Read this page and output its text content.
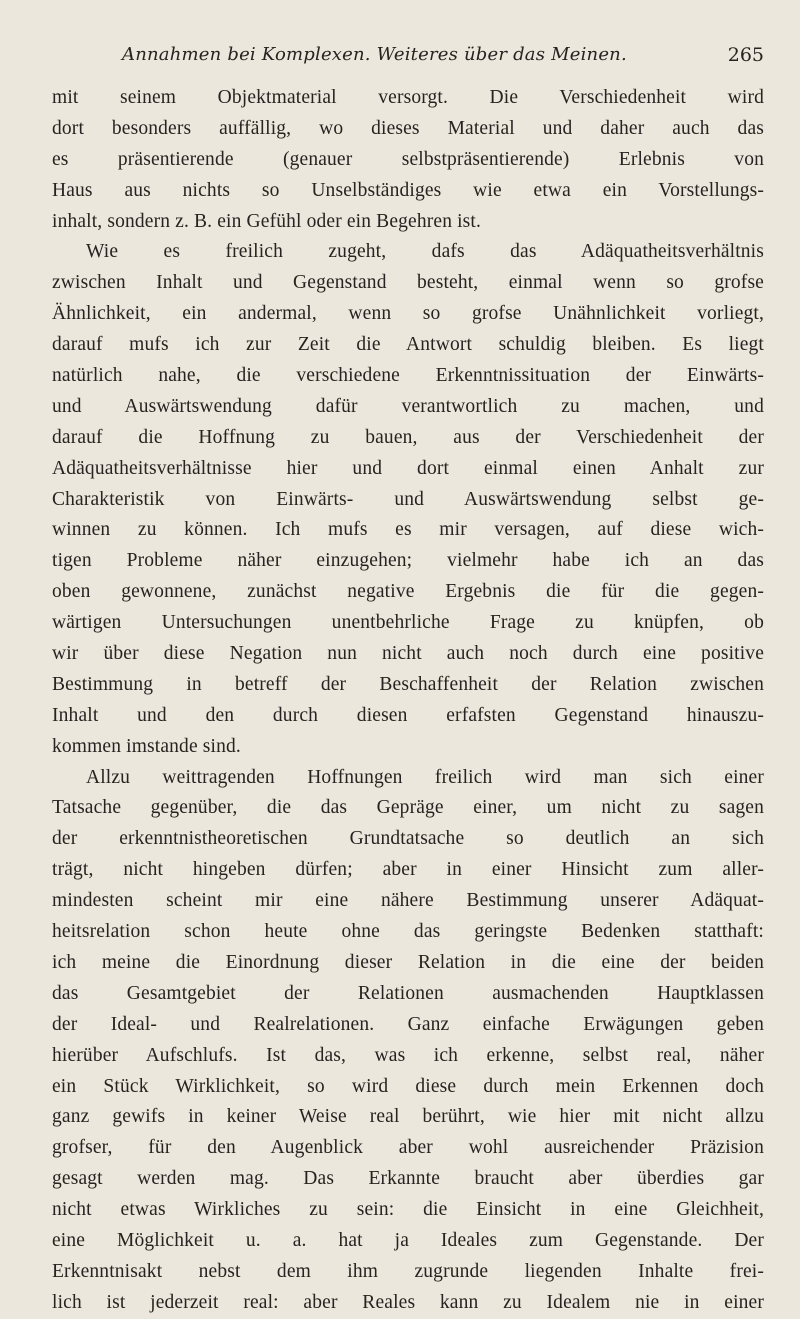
Annahmen bei Komplexen. Weiteres über das Meinen.	265
mit seinem Objektmaterial versorgt. Die Verschiedenheit wird
dort besonders auffällig, wo dieses Material und daher auch das
es präsentierende (genauer selbstpräsentierende) Erlebnis von
Haus aus nichts so Unselbständiges wie etwa ein Vorstellungs-
inhalt, sondern z. B. ein Gefühl oder ein Begehren ist.
Wie es freilich zugeht, dafs das Adäquatheitsverhältnis
zwischen Inhalt und Gegenstand besteht, einmal wenn so grofse
Ähnlichkeit, ein andermal, wenn so grofse Unähnlichkeit vorliegt,
darauf mufs ich zur Zeit die Antwort schuldig bleiben. Es liegt
natürlich nahe, die verschiedene Erkenntnissituation der Einwärts-
und Auswärtswendung dafür verantwortlich zu machen, und
darauf die Hoffnung zu bauen, aus der Verschiedenheit der
Adäquatheitsverhältnisse hier und dort einmal einen Anhalt zur
Charakteristik von Einwärts- und Auswärtswendung selbst ge-
winnen zu können. Ich mufs es mir versagen, auf diese wich-
tigen Probleme näher einzugehen; vielmehr habe ich an das
oben gewonnene, zunächst negative Ergebnis die für die gegen-
wärtigen Untersuchungen unentbehrliche Frage zu knüpfen, ob
wir über diese Negation nun nicht auch noch durch eine positive
Bestimmung in betreff der Beschaffenheit der Relation zwischen
Inhalt und den durch diesen erfafsten Gegenstand hinauszu-
kommen imstande sind.
Allzu weittragenden Hoffnungen freilich wird man sich einer
Tatsache gegenüber, die das Gepräge einer, um nicht zu sagen
der erkenntnistheoretischen Grundtatsache so deutlich an sich
trägt, nicht hingeben dürfen; aber in einer Hinsicht zum aller-
mindesten scheint mir eine nähere Bestimmung unserer Adäquat-
heitsrelation schon heute ohne das geringste Bedenken statthaft:
ich meine die Einordnung dieser Relation in die eine der beiden
das Gesamtgebiet der Relationen ausmachenden Hauptklassen
der Ideal- und Realrelationen. Ganz einfache Erwägungen geben
hierüber Aufschlufs. Ist das, was ich erkenne, selbst real, näher
ein Stück Wirklichkeit, so wird diese durch mein Erkennen doch
ganz gewifs in keiner Weise real berührt, wie hier mit nicht allzu
grofser, für den Augenblick aber wohl ausreichender Präzision
gesagt werden mag. Das Erkannte braucht aber überdies gar
nicht etwas Wirkliches zu sein: die Einsicht in eine Gleichheit,
eine Möglichkeit u. a. hat ja Ideales zum Gegenstande. Der
Erkenntnisakt nebst dem ihm zugrunde liegenden Inhalte frei-
lich ist jederzeit real: aber Reales kann zu Idealem nie in einer
